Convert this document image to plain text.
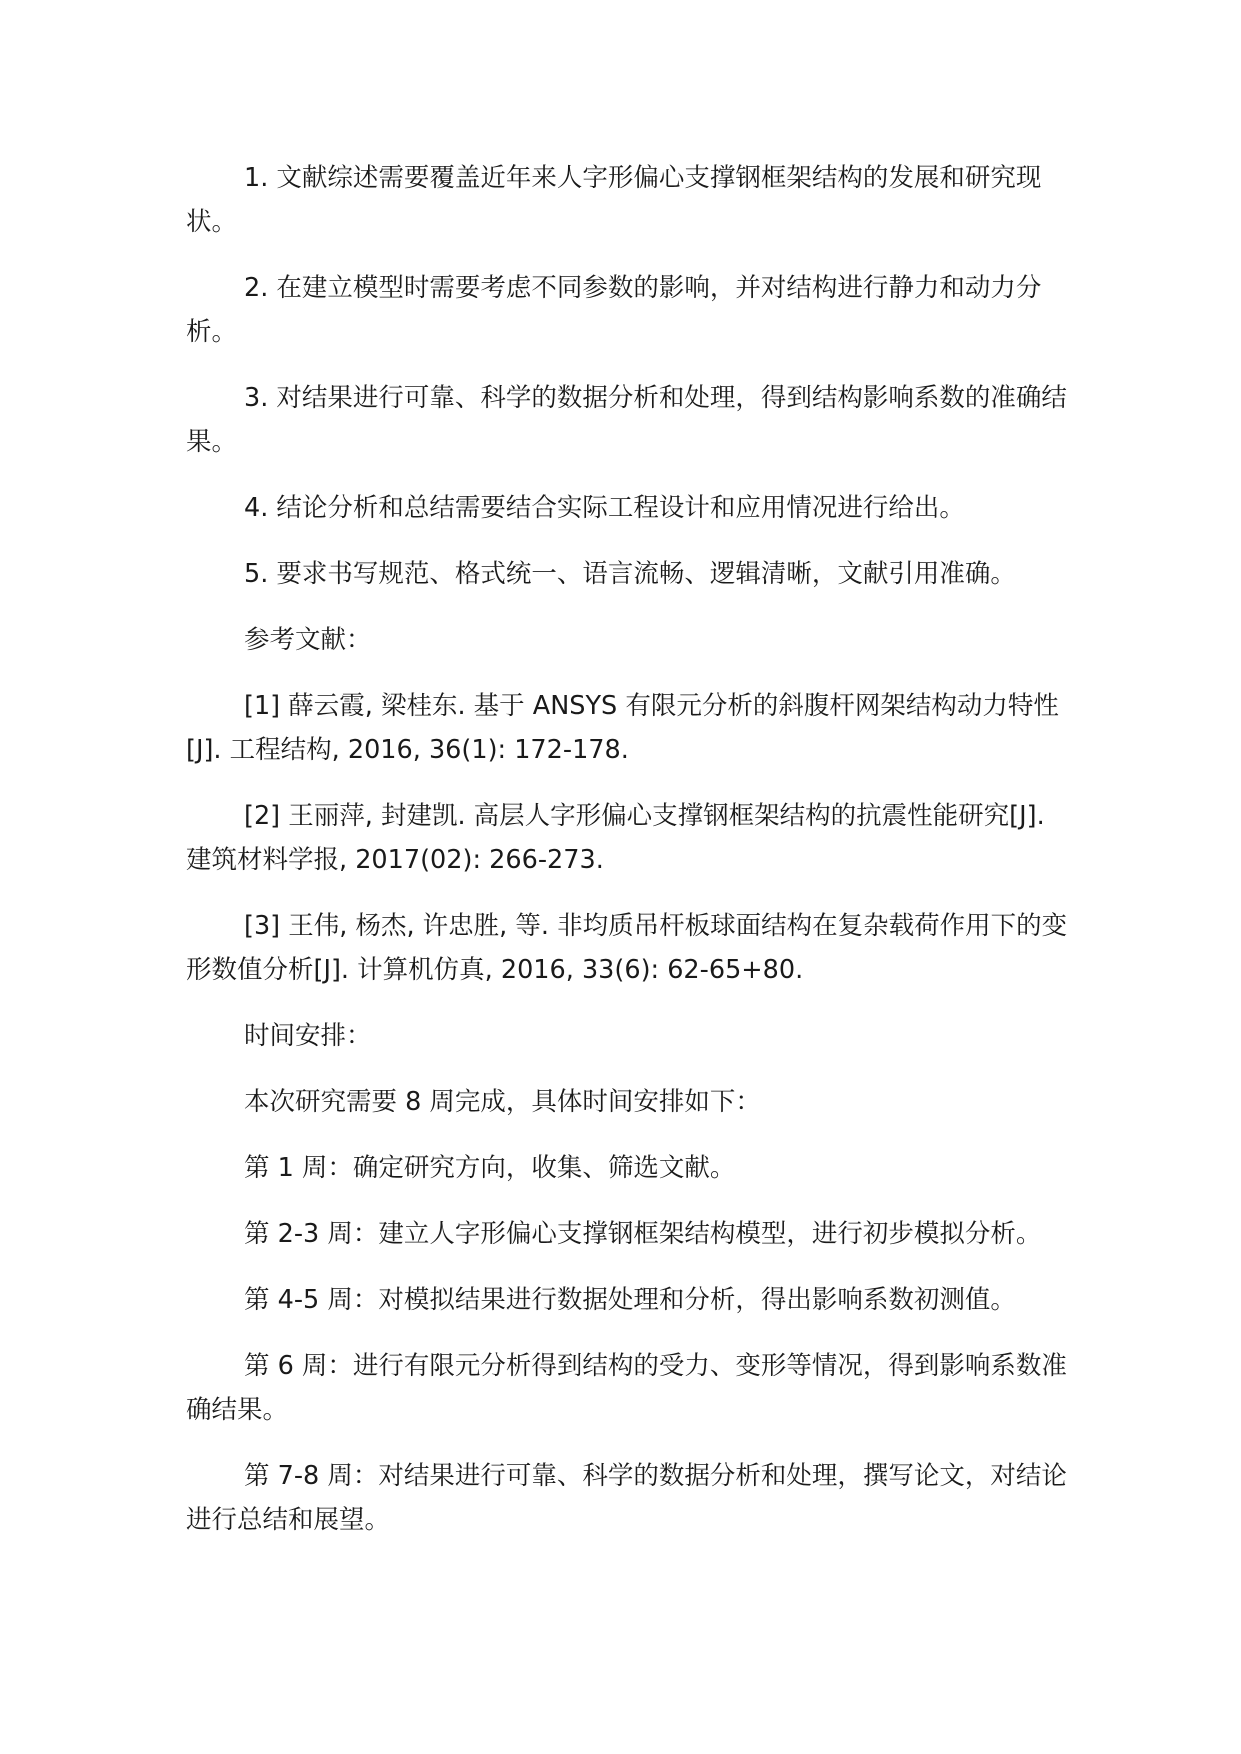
1. 文献综述需要覆盖近年来人字形偏心支撑钢框架结构的发展和研究现状。

2. 在建立模型时需要考虑不同参数的影响，并对结构进行静力和动力分析。

3. 对结果进行可靠、科学的数据分析和处理，得到结构影响系数的准确结果。

4. 结论分析和总结需要结合实际工程设计和应用情况进行给出。

5. 要求书写规范、格式统一、语言流畅、逻辑清晰，文献引用准确。

参考文献：

[1] 薛云霞, 梁桂东. 基于 ANSYS 有限元分析的斜腹杆网架结构动力特性[J]. 工程结构, 2016, 36(1): 172-178.

[2] 王丽萍, 封建凯. 高层人字形偏心支撑钢框架结构的抗震性能研究[J]. 建筑材料学报, 2017(02): 266-273.

[3] 王伟, 杨杰, 许忠胜, 等. 非均质吊杆板球面结构在复杂载荷作用下的变形数值分析[J]. 计算机仿真, 2016, 33(6): 62-65+80.

时间安排：

本次研究需要 8 周完成，具体时间安排如下：

第 1 周：确定研究方向，收集、筛选文献。

第 2-3 周：建立人字形偏心支撑钢框架结构模型，进行初步模拟分析。

第 4-5 周：对模拟结果进行数据处理和分析，得出影响系数初测值。

第 6 周：进行有限元分析得到结构的受力、变形等情况，得到影响系数准确结果。

第 7-8 周：对结果进行可靠、科学的数据分析和处理，撰写论文，对结论进行总结和展望。
